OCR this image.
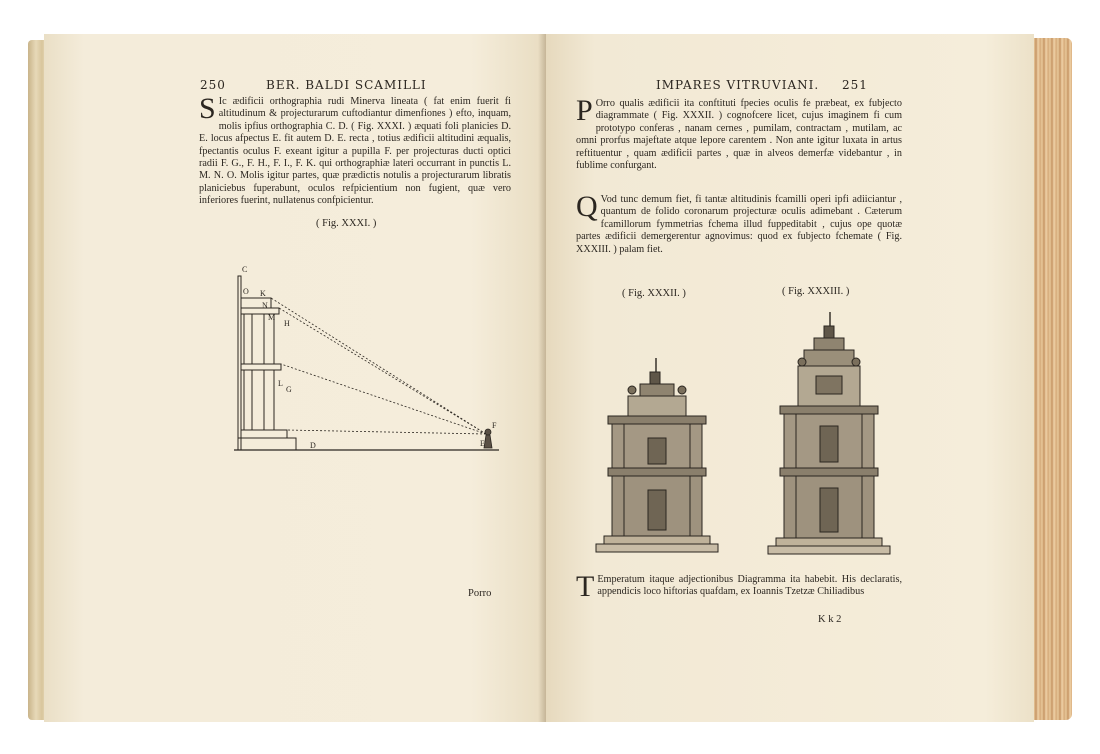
250	BER. BALDI SCAMILLI
S Ic ædificii orthographia rudi Minerva lineata ( fat enim fuerit fi altitudinum & projecturarum cuftodiantur dimenfiones ) efto, inquam, molis ipfius orthographia C. D. ( Fig. XXXI. ) æquati foli planicies D. E. locus afpectus E. fit autem D. E. recta , totius ædificii altitudini æqualis, fpectantis oculus F. exeant igitur a pupilla F. per projecturas ducti optici radii F. G., F. H., F. I., F. K. qui orthographiæ lateri occurrant in punctis L. M. N. O. Molis igitur partes, quæ prædictis notulis a projecturarum libratis planiciebus fuperabunt, oculos refpicientium non fugient, quæ vero inferiores fuerint, nullatenus confpicientur.
( Fig. XXXI. )
C
O K
N
M
H
L
G
F
E
D
Porro
IMPARES VITRUVIANI. 251
P Orro qualis ædificii ita conftituti fpecies oculis fe præbeat, ex fubjecto diagrammate ( Fig. XXXII. ) cognofcere licet, cujus imaginem fi cum prototypo conferas , nanam cernes , pumilam, contractam , mutilam, ac omni prorfus majeftate atque lepore carentem . Non ante igitur luxata in artus reftituentur , quam ædificii partes , quæ in alveos demerfæ videbantur , in fublime confurgant.
Q Vod tunc demum fiet, fi tantæ altitudinis fcamilli operi ipfi adiiciantur , quantum de folido coronarum projecturæ oculis adimebant . Cæterum fcamillorum fymmetrias fchema illud fuppeditabit , cujus ope quotæ partes ædificii demergerentur agnovimus: quod ex fubjecto fchemate ( Fig. XXXIII. ) palam fiet.
( Fig. XXXII. )	( Fig. XXXIII. )
T Emperatum itaque adjectionibus Diagramma ita habebit. His declaratis, appendicis loco hiftorias quafdam, ex Ioannis Tzetzæ Chiliadibus
K k 2
